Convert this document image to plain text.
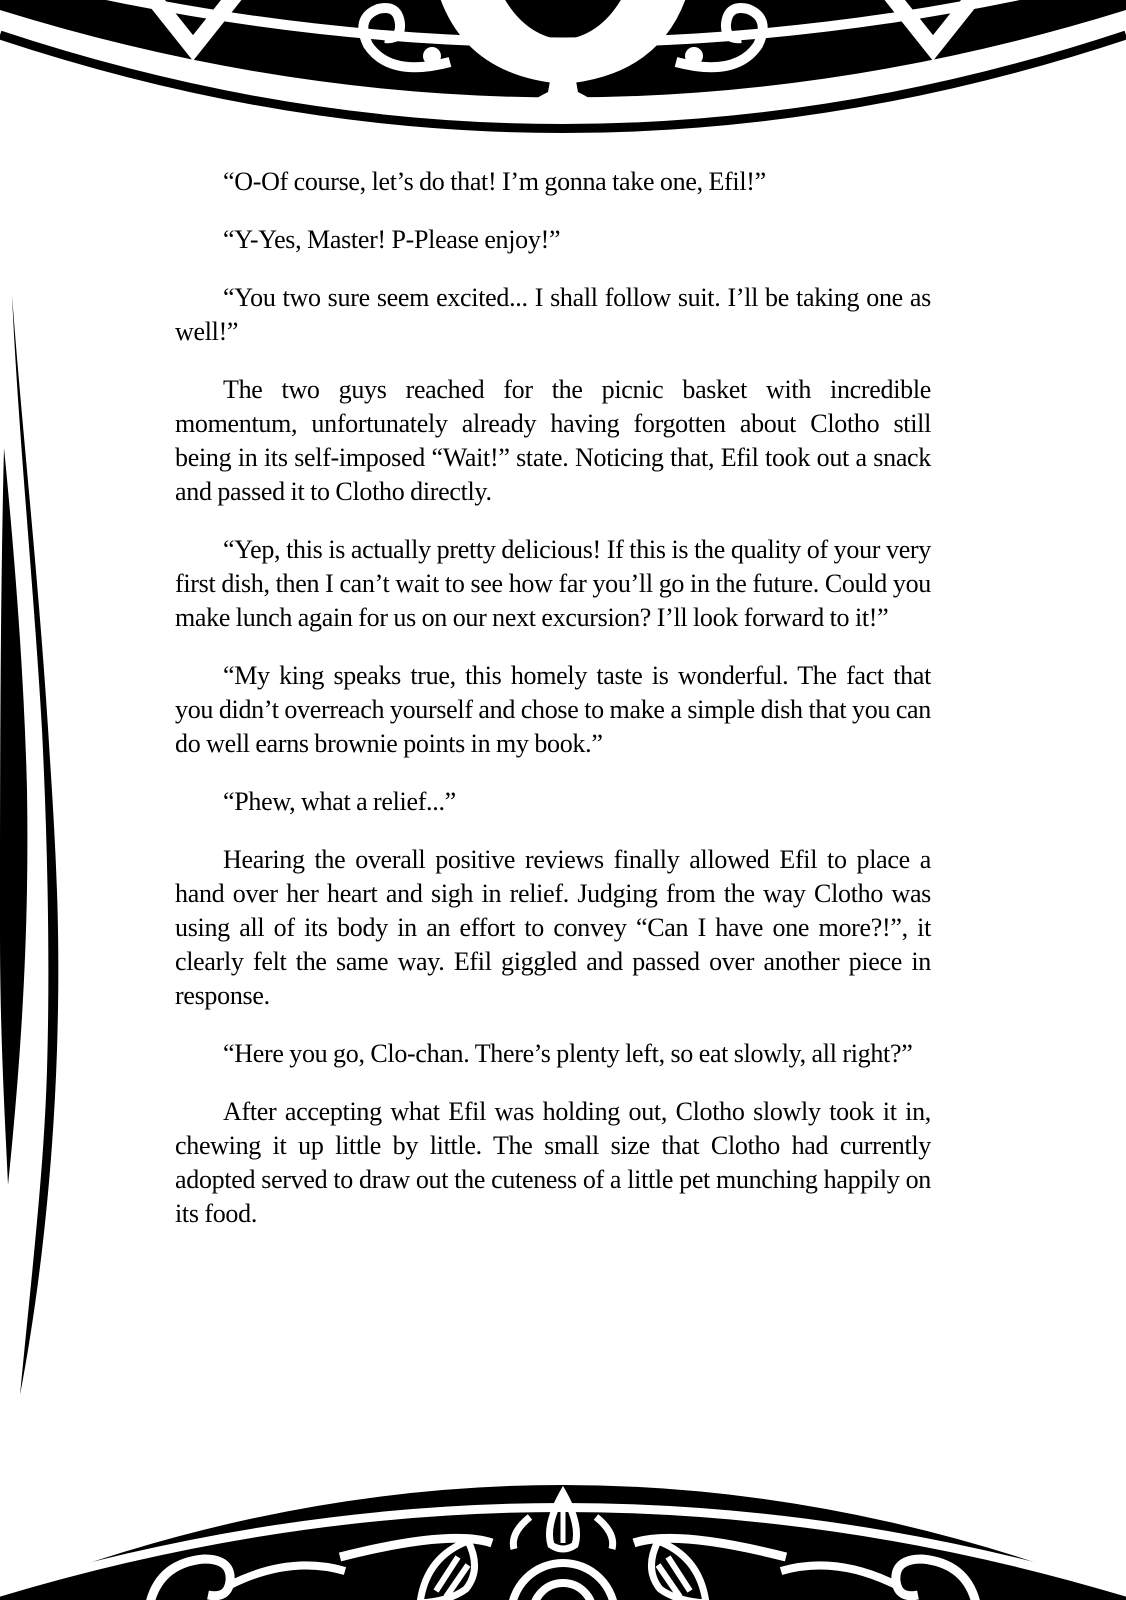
“O-Of course, let’s do that! I’m gonna take one, Efil!”

“Y-Yes, Master! P-Please enjoy!”

“You two sure seem excited... I shall follow suit. I’ll be taking one as well!”

The two guys reached for the picnic basket with incredible momentum, unfortunately already having forgotten about Clotho still being in its self-imposed “Wait!” state. Noticing that, Efil took out a snack and passed it to Clotho directly.

“Yep, this is actually pretty delicious! If this is the quality of your very first dish, then I can’t wait to see how far you’ll go in the future. Could you make lunch again for us on our next excursion? I’ll look forward to it!”

“My king speaks true, this homely taste is wonderful. The fact that you didn’t overreach yourself and chose to make a simple dish that you can do well earns brownie points in my book.”

“Phew, what a relief...”

Hearing the overall positive reviews finally allowed Efil to place a hand over her heart and sigh in relief. Judging from the way Clotho was using all of its body in an effort to convey “Can I have one more?!”, it clearly felt the same way. Efil giggled and passed over another piece in response.

“Here you go, Clo-chan. There’s plenty left, so eat slowly, all right?”

After accepting what Efil was holding out, Clotho slowly took it in, chewing it up little by little. The small size that Clotho had currently adopted served to draw out the cuteness of a little pet munching happily on its food.
